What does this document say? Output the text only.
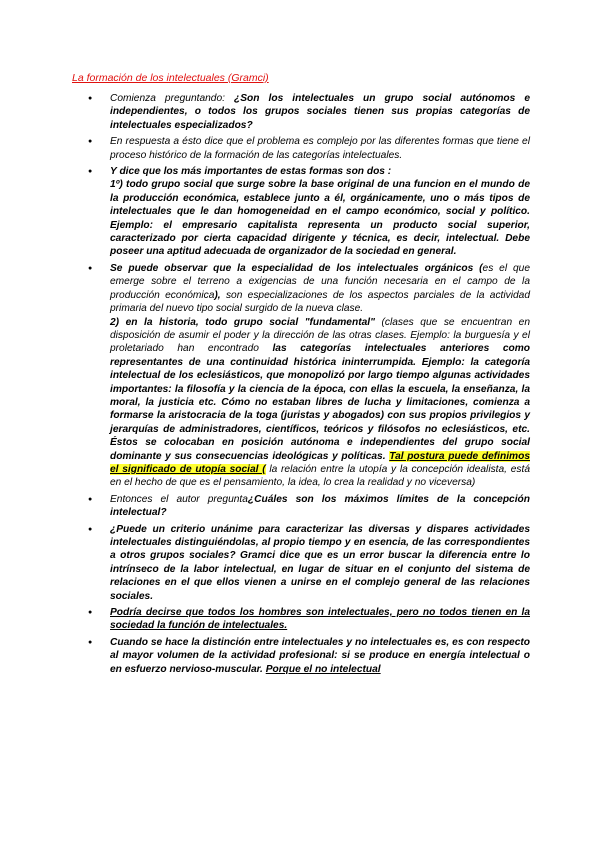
La formación de los intelectuales (Gramci)
● Comienza preguntando: ¿Son los intelectuales un grupo social autónomos e independientes, o todos los grupos sociales tienen sus propias categorías de intelectuales especializados?
● En respuesta a ésto dice que el problema es complejo por las diferentes formas que tiene el proceso histórico de la formación de las categorías intelectuales.
● Y dice que los más importantes de estas formas son dos :
1º) todo grupo social que surge sobre la base original de una funcion en el mundo de la producción económica, establece junto a él, orgánicamente, uno o más tipos de intelectuales que le dan homogeneidad en el campo económico, social y político. Ejemplo: el empresario capitalista representa un producto social superior, caracterizado por cierta capacidad dirigente y técnica, es decir, intelectual. Debe poseer una aptitud adecuada de organizador de la sociedad en general.
● Se puede observar que la especialidad de los intelectuales orgánicos (es el que emerge sobre el terreno a exigencias de una función necesaria en el campo de la producción económica), son especializaciones de los aspectos parciales de la actividad primaria del nuevo tipo social surgido de la nueva clase.
2) en la historia, todo grupo social "fundamental" (clases que se encuentran en disposición de asumir el poder y la dirección de las otras clases. Ejemplo: la burguesía y el proletariado han encontrado las categorías intelectuales anteriores como representantes de una continuidad histórica ininterrumpida. Ejemplo: la categoría intelectual de los eclesiásticos, que monopolizó por largo tiempo algunas actividades importantes: la filosofía y la ciencia de la época, con ellas la escuela, la enseñanza, la moral, la justicia etc. Cómo no estaban libres de lucha y limitaciones, comienza a formarse la aristocracia de la toga (juristas y abogados) con sus propios privilegios y jerarquías de administradores, científicos, teóricos y filósofos no eclesiásticos, etc. Éstos se colocaban en posición autónoma e independientes del grupo social dominante y sus consecuencias ideológicas y políticas. Tal postura puede definimos el significado de utopía social ( la relación entre la utopía y la concepción idealista, está en el hecho de que es el pensamiento, la idea, lo crea la realidad y no viceversa)
● Entonces el autor pregunta¿Cuáles son los máximos límites de la concepción intelectual?
● ¿Puede un criterio unánime para caracterizar las diversas y dispares actividades intelectuales distinguiéndolas, al propio tiempo y en esencia, de las correspondientes a otros grupos sociales? Gramci dice que es un error buscar la diferencia entre lo intrínseco de la labor intelectual, en lugar de situar en el conjunto del sistema de relaciones en el que ellos vienen a unirse en el complejo general de las relaciones sociales.
● Podría decirse que todos los hombres son intelectuales, pero no todos tienen en la sociedad la función de intelectuales.
● Cuando se hace la distinción entre intelectuales y no intelectuales es, es con respecto al mayor volumen de la actividad profesional: si se produce en energía intelectual o en esfuerzo nervioso-muscular. Porque el no intelectual
